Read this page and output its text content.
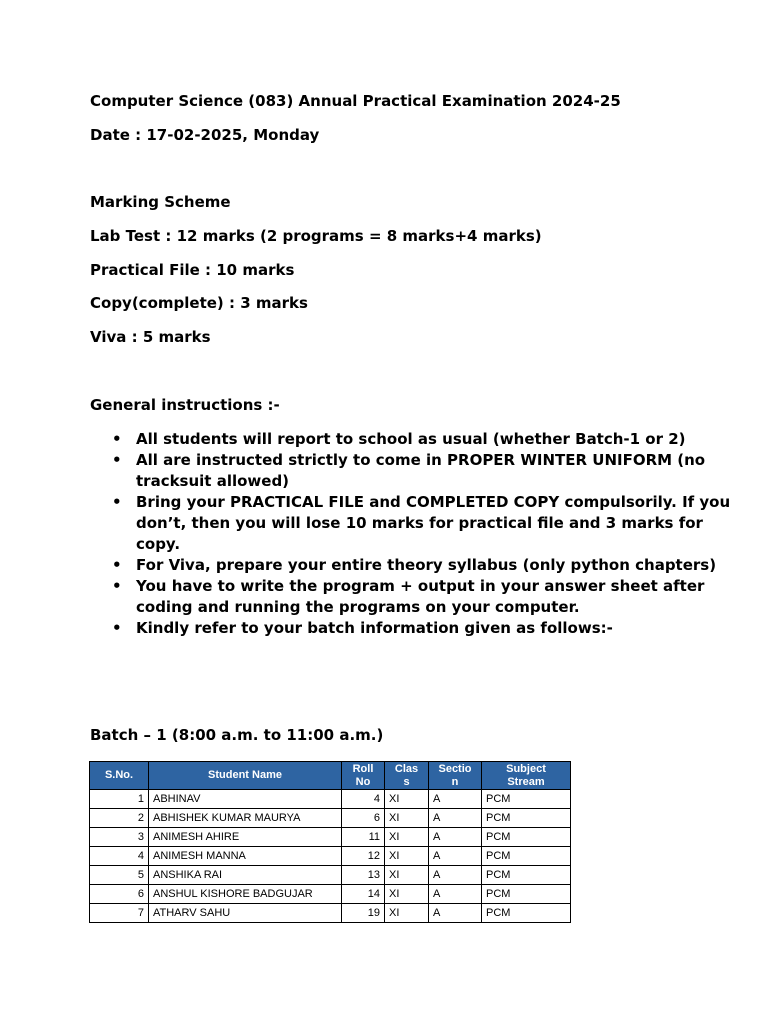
Computer Science (083) Annual Practical Examination 2024-25

Date : 17-02-2025, Monday

Marking Scheme

Lab Test : 12 marks (2 programs = 8 marks+4 marks)

Practical File : 10 marks

Copy(complete) : 3 marks

Viva : 5 marks

General instructions :-

• All students will report to school as usual (whether Batch-1 or 2)
• All are instructed strictly to come in PROPER WINTER UNIFORM (no tracksuit allowed)
• Bring your PRACTICAL FILE and COMPLETED COPY compulsorily. If you don’t, then you will lose 10 marks for practical file and 3 marks for copy.
• For Viva, prepare your entire theory syllabus (only python chapters)
• You have to write the program + output in your answer sheet after coding and running the programs on your computer.
• Kindly refer to your batch information given as follows:-

Batch – 1 (8:00 a.m. to 11:00 a.m.)

S.No.	Student Name	Roll No	Class	Section	Subject Stream

1	ABHINAV	4	XI	A	PCM
2	ABHISHEK KUMAR MAURYA	6	XI	A	PCM
3	ANIMESH AHIRE	11	XI	A	PCM
4	ANIMESH MANNA	12	XI	A	PCM
5	ANSHIKA RAI	13	XI	A	PCM
6	ANSHUL KISHORE BADGUJAR	14	XI	A	PCM
7	ATHARV SAHU	19	XI	A	PCM
